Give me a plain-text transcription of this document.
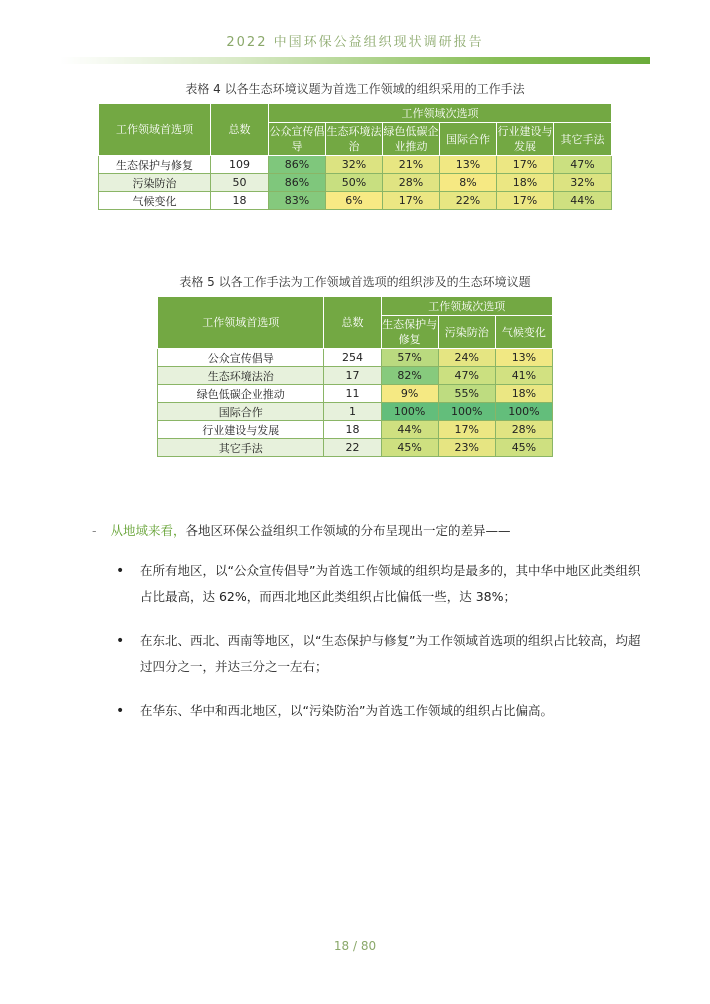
2022 中国环保公益组织现状调研报告
表格 4 以各生态环境议题为首选工作领域的组织采用的工作手法
工作领域首选项	总数	工作领域次选项					
		公众宣传倡导	生态环境法治	绿色低碳企业推动	国际合作	行业建设与发展	其它手法
生态保护与修复	109	86%	32%	21%	13%	17%	47%
污染防治	50	86%	50%	28%	8%	18%	32%
气候变化	18	83%	6%	17%	22%	17%	44%
表格 5 以各工作手法为工作领域首选项的组织涉及的生态环境议题
工作领域首选项	总数	工作领域次选项		
		生态保护与修复	污染防治	气候变化
公众宣传倡导	254	57%	24%	13%
生态环境法治	17	82%	47%	41%
绿色低碳企业推动	11	9%	55%	18%
国际合作	1	100%	100%	100%
行业建设与发展	18	44%	17%	28%
其它手法	22	45%	23%	45%
- 从地域来看，各地区环保公益组织工作领域的分布呈现出一定的差异——
• 在所有地区，以“公众宣传倡导”为首选工作领域的组织均是最多的，其中华中地区此类组织占比最高，达 62%，而西北地区此类组织占比偏低一些，达 38%；
• 在东北、西北、西南等地区，以“生态保护与修复”为工作领域首选项的组织占比较高，均超过四分之一，并达三分之一左右；
• 在华东、华中和西北地区，以“污染防治”为首选工作领域的组织占比偏高。
18 / 80
